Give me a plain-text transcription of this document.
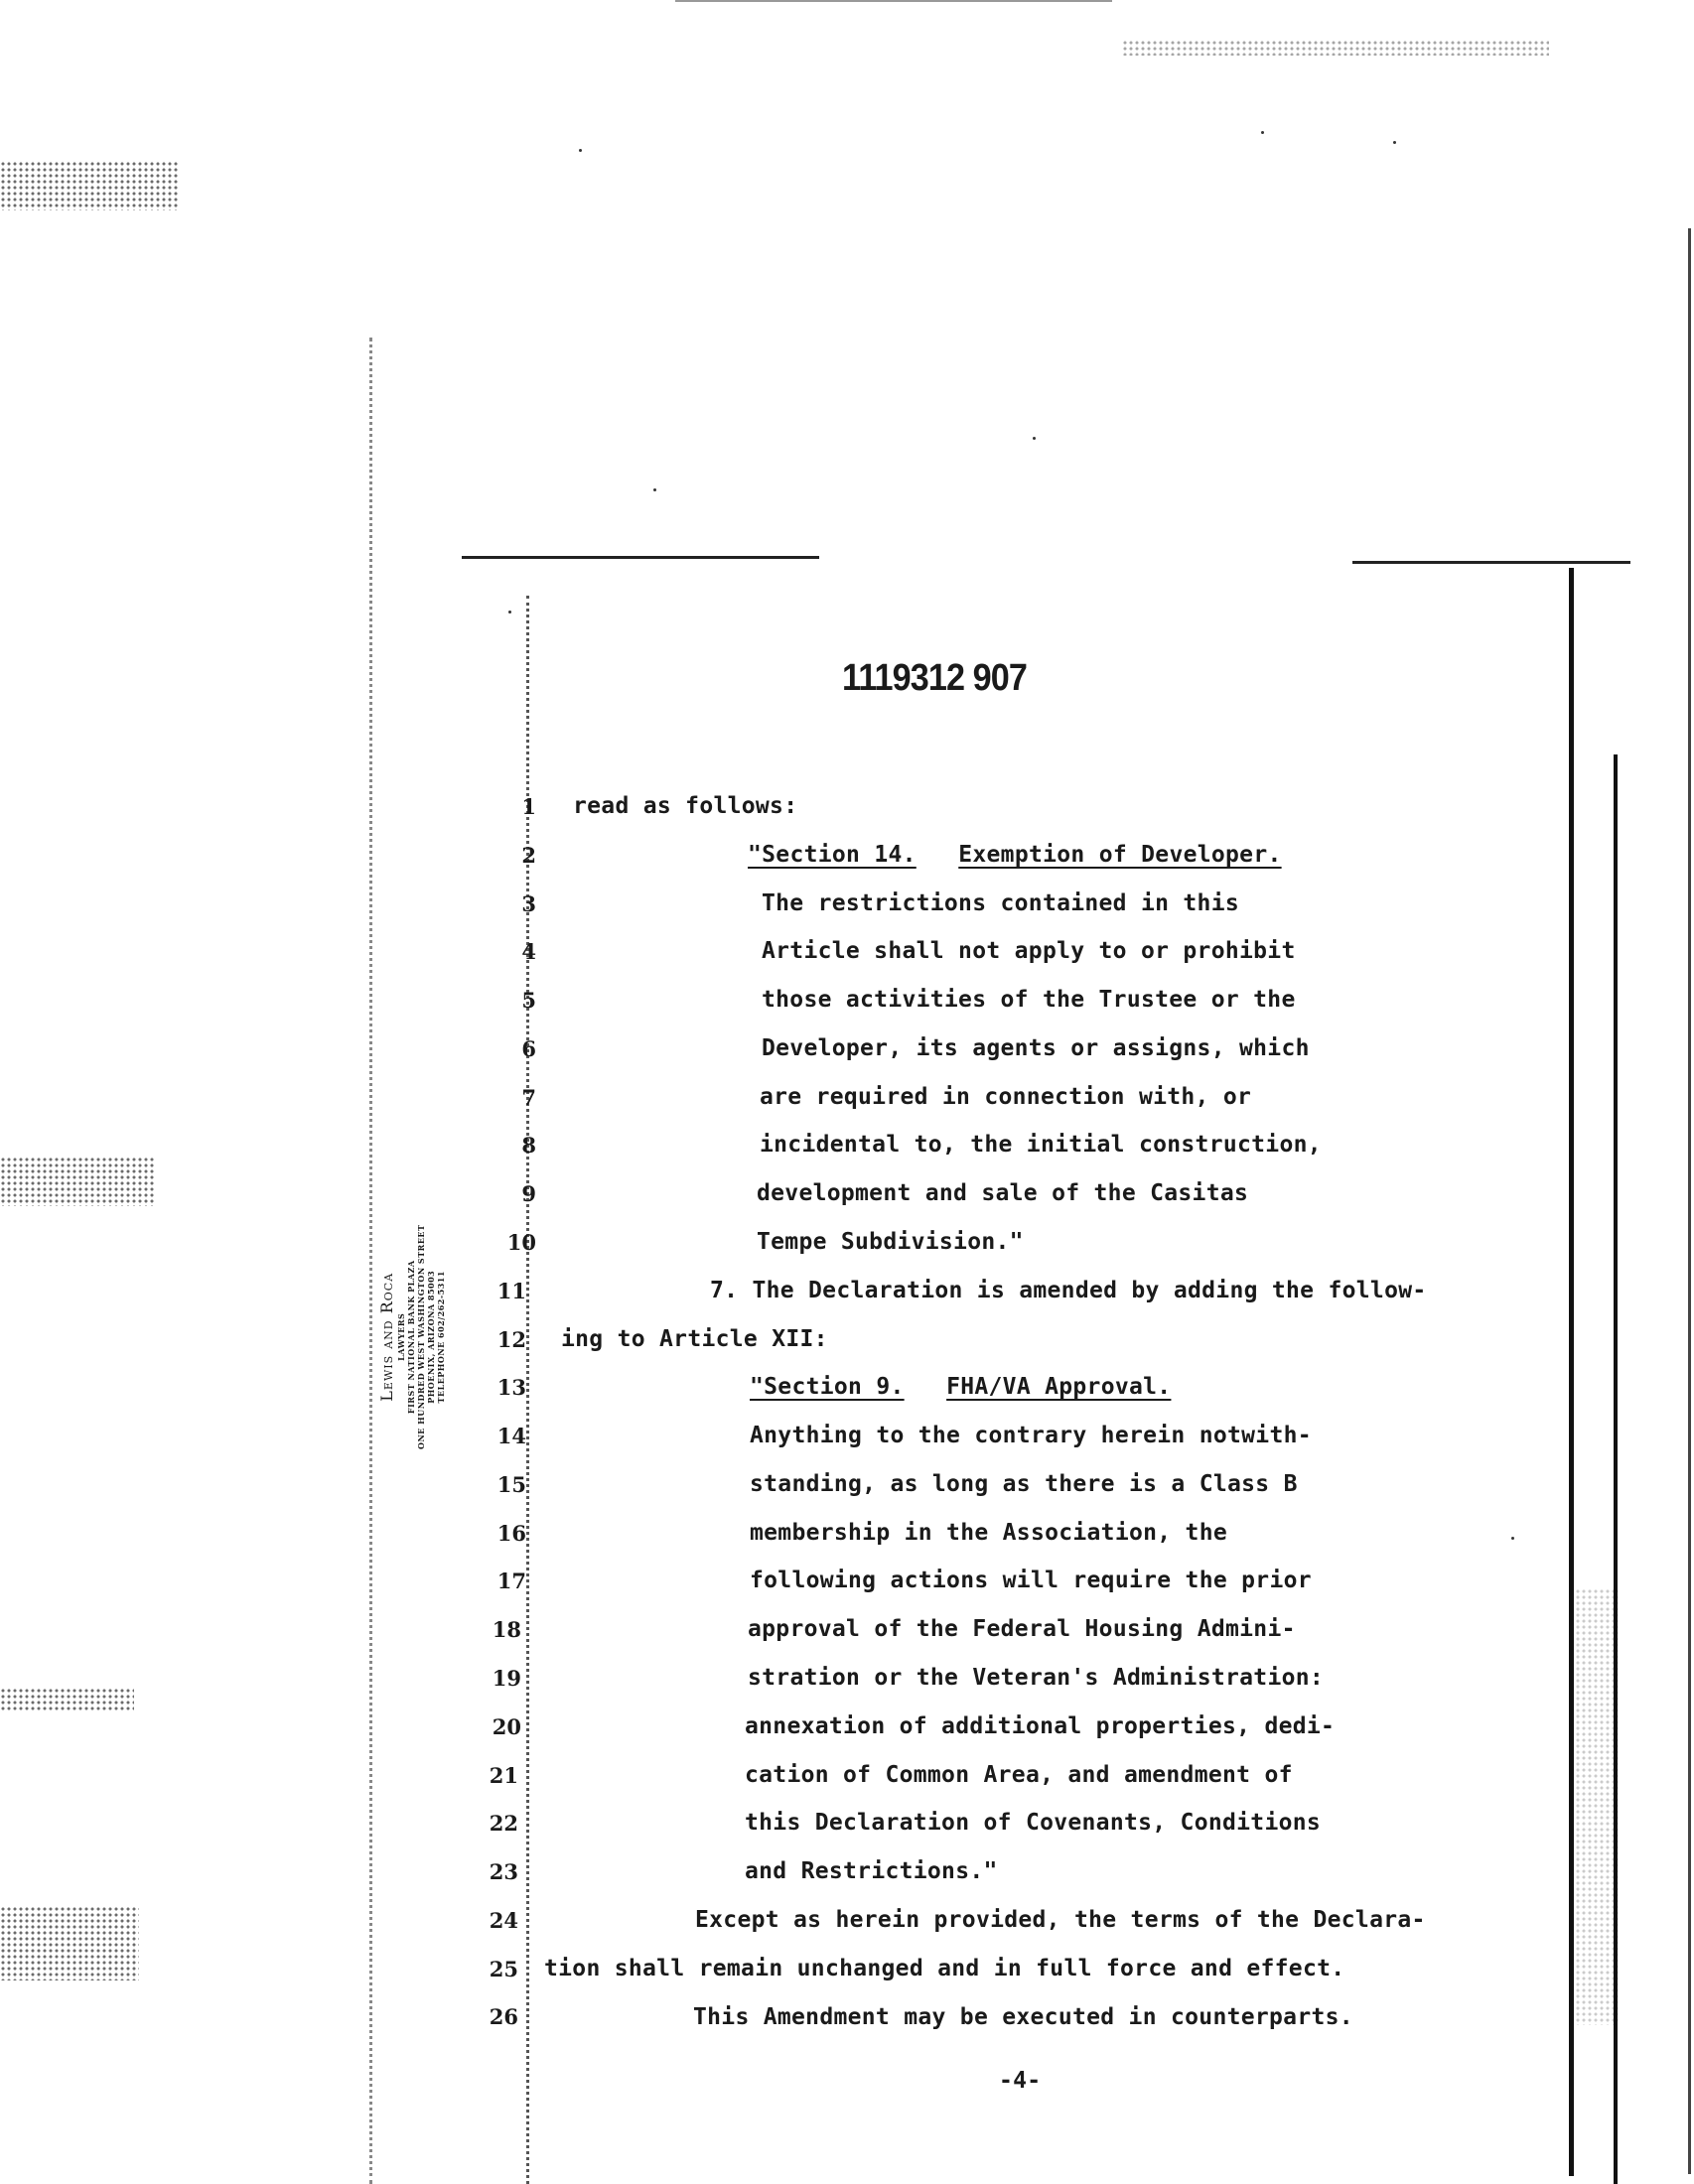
1119312 907
Lewis and Roca LAWYERS FIRST NATIONAL BANK PLAZA ONE HUNDRED WEST WASHINGTON STREET PHOENIX, ARIZONA 85003 TELEPHONE 602/262-5311
1
2
3
4
5
6
7
8
9
10
11
12
13
14
15
16
17
18
19
20
21
22
23
24
25
26
read as follows:
"Section 14. Exemption of Developer.
The restrictions contained in this
Article shall not apply to or prohibit
those activities of the Trustee or the
Developer, its agents or assigns, which
are required in connection with, or
incidental to, the initial construction,
development and sale of the Casitas
Tempe Subdivision."
7. The Declaration is amended by adding the follow-
ing to Article XII:
"Section 9. FHA/VA Approval.
Anything to the contrary herein notwith-
standing, as long as there is a Class B
membership in the Association, the
following actions will require the prior
approval of the Federal Housing Admini-
stration or the Veteran's Administration:
annexation of additional properties, dedi-
cation of Common Area, and amendment of
this Declaration of Covenants, Conditions
and Restrictions."
Except as herein provided, the terms of the Declara-
tion shall remain unchanged and in full force and effect.
This Amendment may be executed in counterparts.
-4-
